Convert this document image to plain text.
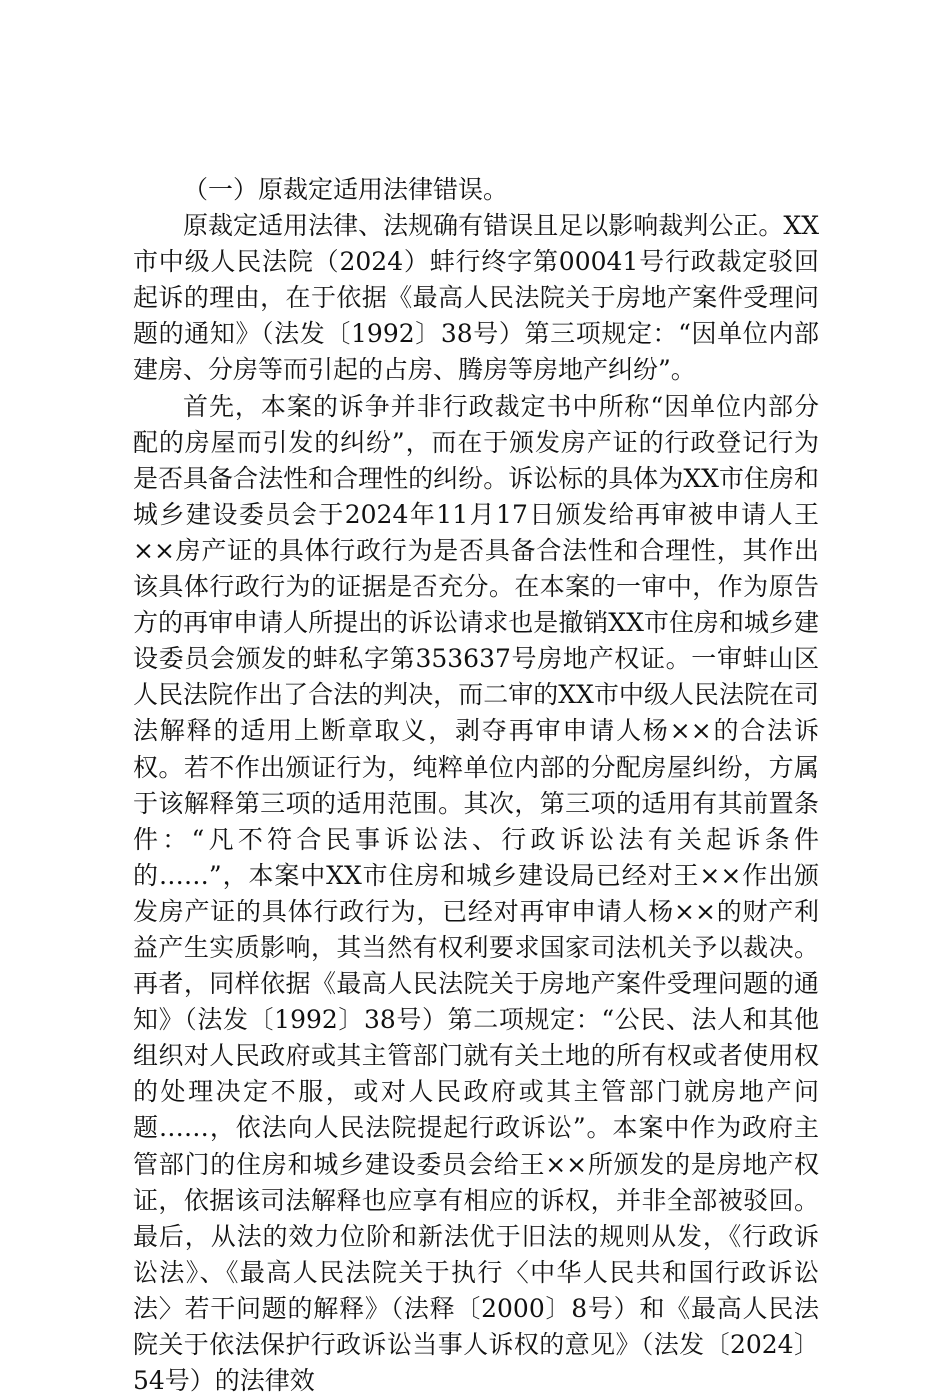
（一）原裁定适用法律错误。

原裁定适用法律、法规确有错误且足以影响裁判公正。XX市中级人民法院（2024）蚌行终字第00041号行政裁定驳回起诉的理由，在于依据《最高人民法院关于房地产案件受理问题的通知》（法发〔1992〕38号）第三项规定：“因单位内部建房、分房等而引起的占房、腾房等房地产纠纷”。

首先，本案的诉争并非行政裁定书中所称“因单位内部分配的房屋而引发的纠纷”，而在于颁发房产证的行政登记行为是否具备合法性和合理性的纠纷。诉讼标的具体为XX市住房和城乡建设委员会于2024年11月17日颁发给再审被申请人王××房产证的具体行政行为是否具备合法性和合理性，其作出该具体行政行为的证据是否充分。在本案的一审中，作为原告方的再审申请人所提出的诉讼请求也是撤销XX市住房和城乡建设委员会颁发的蚌私字第353637号房地产权证。一审蚌山区人民法院作出了合法的判决，而二审的XX市中级人民法院在司法解释的适用上断章取义，剥夺再审申请人杨××的合法诉权。若不作出颁证行为，纯粹单位内部的分配房屋纠纷，方属于该解释第三项的适用范围。其次，第三项的适用有其前置条件：“凡不符合民事诉讼法、行政诉讼法有关起诉条件的……”，本案中XX市住房和城乡建设局已经对王××作出颁发房产证的具体行政行为，已经对再审申请人杨××的财产利益产生实质影响，其当然有权利要求国家司法机关予以裁决。再者，同样依据《最高人民法院关于房地产案件受理问题的通知》（法发〔1992〕38号）第二项规定：“公民、法人和其他组织对人民政府或其主管部门就有关土地的所有权或者使用权的处理决定不服，或对人民政府或其主管部门就房地产问题……，依法向人民法院提起行政诉讼”。本案中作为政府主管部门的住房和城乡建设委员会给王××所颁发的是房地产权证，依据该司法解释也应享有相应的诉权，并非全部被驳回。最后，从法的效力位阶和新法优于旧法的规则从发，《行政诉讼法》、《最高人民法院关于执行〈中华人民共和国行政诉讼法〉若干问题的解释》（法释〔2000〕8号）和《最高人民法院关于依法保护行政诉讼当事人诉权的意见》（法发〔2024〕54号）的法律效
